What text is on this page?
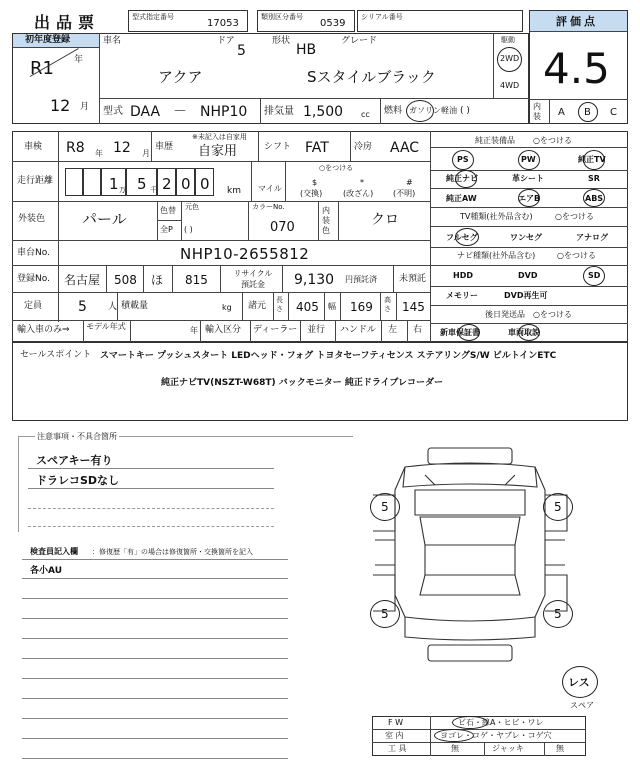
出品票	型式指定番号
17053
類別区分番号
0539
シリアル番号
初年度登録
R1 年
12 月
車名
アクア
ドア
5
形状
HB
グレード
Sスタイルブラック
駆動
2WD
4WD
型式 DAA － NHP10 排気量 1,500 cc 燃料 ガソリン 軽油 ( )
評価点
4.5
内装	A B C
車検 R8 年 12 月
車歴
※未記入は自家用
自家用	シフト FAT	冷房 AAC
走行距離	1 万 5 千 2 0 0 km マイル
○をつける
$
(交換)
*
(改ざん)
#
(不明)
外装色 パール	色替
全P
元色
( )
カラーNo.
070
内装色
クロ
車台No.	NHP10-2655812
登録No. 名古屋 508 ほ 815	リサイクル預託金	9,130 円預託済 未預託
定員	5 人 積載量	kg 諸元
長さ 405 幅 169 高さ 145
輸入車のみ⇒ モデル年式	年 輸入区分 ディーラー 並行 ハンドル 左 右
純正装備品 ○をつける
PS	PW	純正TV
純正ナビ	革シート	SR
純正AW	エアB	ABS
TV種類(社外品含む)	○をつける
フルセグ	ワンセグ	アナログ
ナビ種類(社外品含む)	○をつける
HDD	DVD	SD
メモリー	DVD再生可
後日発送品 ○をつける
新車保証書	車両取説
セールスポイント スマートキー プッシュスタート LEDヘッド・フォグ トヨタセーフティセンス ステアリングS/W ビルトインETC
純正ナビTV(NSZT-W68T) バックモニター 純正ドライブレコーダー
注意事項・不具合箇所
スペアキー有り
ドラレコSDなし
検査員記入欄 ：修復歴「有」の場合は修復箇所・交換箇所を記入
各小AU
5	5
5	5
レス
スペア
F W	ビ石・線A・ヒビ・ワレ
室 内	ヨゴレ・コゲ・ヤブレ・コゲ穴
工 具	無	ジャッキ	無
